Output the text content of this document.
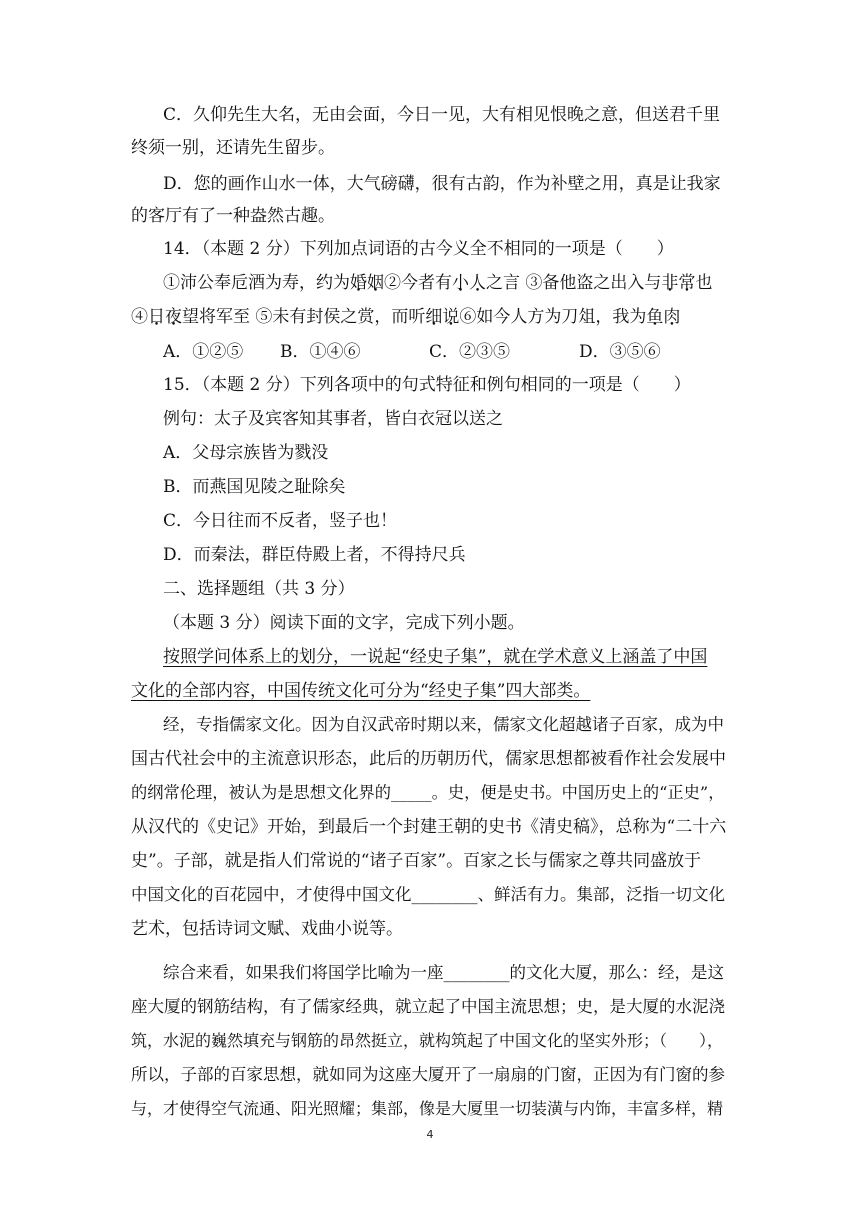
C．久仰先生大名，无由会面，今日一见，大有相见恨晚之意，但送君千里
终须一别，还请先生留步。
D．您的画作山水一体，大气磅礴，很有古韵，作为补壁之用，真是让我家
的客厅有了一种盎然古趣。
14．（本题 2 分）下列加点词语的古今义全不相同的一项是（　　）
①沛公奉卮酒为寿，约为婚姻②今者有小人之言 ③备他盗之出入与非常也
④日夜望将军至 ⑤未有封侯之赏，而听细说⑥如今人方为刀俎，我为鱼肉
A．①②⑤ B．①④⑥	C．②③⑤	D．③⑤⑥
15．（本题 2 分）下列各项中的句式特征和例句相同的一项是（　　）
例句：太子及宾客知其事者，皆白衣冠以送之
A．父母宗族皆为戮没
B．而燕国见陵之耻除矣
C．今日往而不反者，竖子也！
D．而秦法，群臣侍殿上者，不得持尺兵
二、选择题组（共 3 分）
（本题 3 分）阅读下面的文字，完成下列小题。
按照学问体系上的划分，一说起“经史子集”，就在学术意义上涵盖了中国
文化的全部内容，中国传统文化可分为“经史子集”四大部类。
经，专指儒家文化。因为自汉武帝时期以来，儒家文化超越诸子百家，成为中
国古代社会中的主流意识形态，此后的历朝历代，儒家思想都被看作社会发展中
的纲常伦理，被认为是思想文化界的_____。史，便是史书。中国历史上的“正史”，
从汉代的《史记》开始，到最后一个封建王朝的史书《清史稿》，总称为“二十六
史”。子部，就是指人们常说的“诸子百家”。百家之长与儒家之尊共同盛放于
中国文化的百花园中，才使得中国文化________、鲜活有力。集部，泛指一切文化
艺术，包括诗词文赋、戏曲小说等。
综合来看，如果我们将国学比喻为一座________的文化大厦，那么：经，是这
座大厦的钢筋结构，有了儒家经典，就立起了中国主流思想；史，是大厦的水泥浇
筑，水泥的巍然填充与钢筋的昂然挺立，就构筑起了中国文化的坚实外形；（　　），
所以，子部的百家思想，就如同为这座大厦开了一扇扇的门窗，正因为有门窗的参
与，才使得空气流通、阳光照耀；集部，像是大厦里一切装潢与内饰，丰富多样，精
4
